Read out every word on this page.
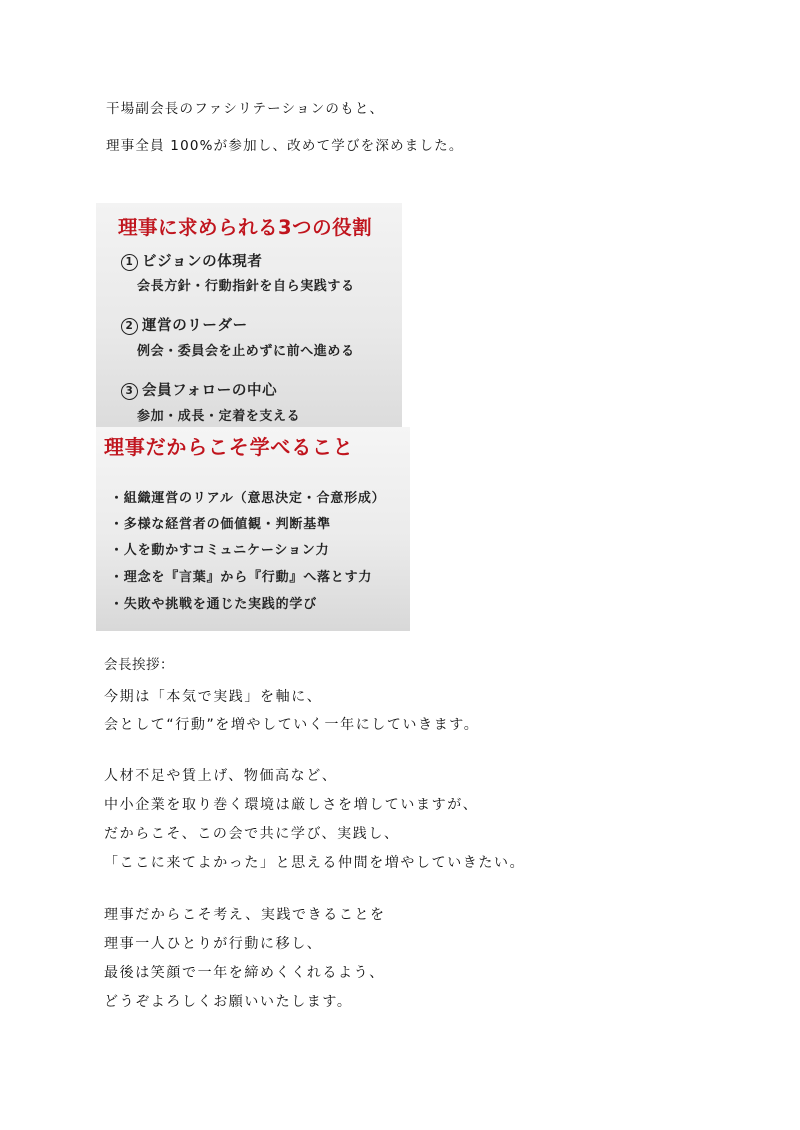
干場副会長のファシリテーションのもと、
理事全員 100%が参加し、改めて学びを深めました。
理事に求められる3つの役割
1 ビジョンの体現者
会長方針・行動指針を自ら実践する
2 運営のリーダー
例会・委員会を止めずに前へ進める
3 会員フォローの中心
参加・成長・定着を支える
理事だからこそ学べること
・組織運営のリアル（意思決定・合意形成）
・多様な経営者の価値観・判断基準
・人を動かすコミュニケーション力
・理念を『言葉』から『行動』へ落とす力
・失敗や挑戦を通じた実践的学び
会長挨拶：
今期は「本気で実践」を軸に、
会として“行動”を増やしていく一年にしていきます。
人材不足や賃上げ、物価高など、
中小企業を取り巻く環境は厳しさを増していますが、
だからこそ、この会で共に学び、実践し、
「ここに来てよかった」と思える仲間を増やしていきたい。
理事だからこそ考え、実践できることを
理事一人ひとりが行動に移し、
最後は笑顔で一年を締めくくれるよう、
どうぞよろしくお願いいたします。
